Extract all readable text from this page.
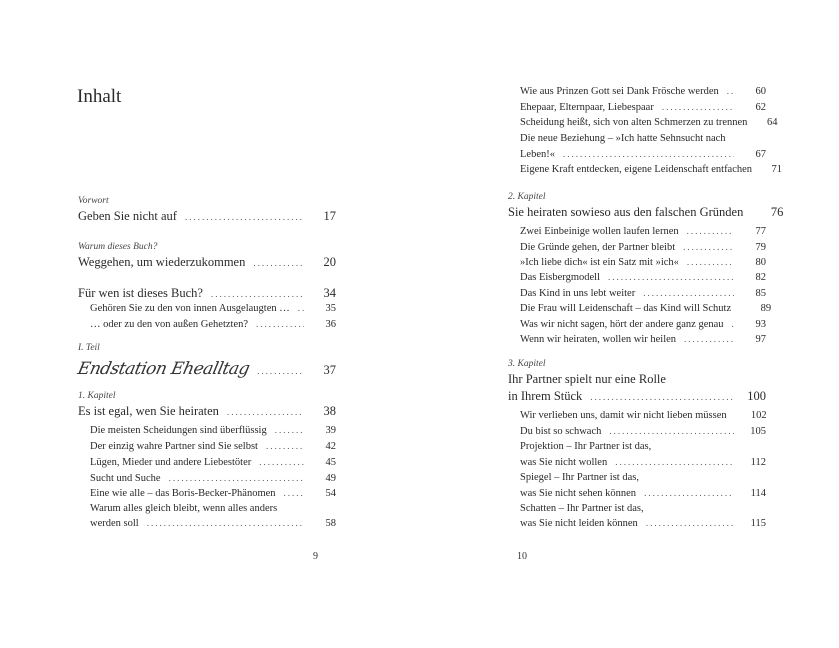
Inhalt
Vorwort
Geben Sie nicht auf .....	17
Warum dieses Buch?
Weggehen, um wiederzukommen .....	20
Für wen ist dieses Buch? .....	34
Gehören Sie zu den von innen Ausgelaugten … .....	35
… oder zu den von außen Gehetzten? .....	36
I. Teil
Endstation Ehealltag .....	37
1. Kapitel
Es ist egal, wen Sie heiraten .....	38
Die meisten Scheidungen sind überflüssig .....	39
Der einzig wahre Partner sind Sie selbst .....	42
Lügen, Mieder und andere Liebestöter .....	45
Sucht und Suche .....	49
Eine wie alle – das Boris-Becker-Phänomen .....	54
Warum alles gleich bleibt, wenn alles anders
werden soll .....	58
9
Wie aus Prinzen Gott sei Dank Frösche werden .....	60
Ehepaar, Elternpaar, Liebespaar .....	62
Scheidung heißt, sich von alten Schmerzen zu trennen	64
Die neue Beziehung – »Ich hatte Sehnsucht nach
Leben!« .....	67
Eigene Kraft entdecken, eigene Leidenschaft entfachen	71
2. Kapitel
Sie heiraten sowieso aus den falschen Gründen	76
Zwei Einbeinige wollen laufen lernen .....	77
Die Gründe gehen, der Partner bleibt .....	79
»Ich liebe dich« ist ein Satz mit »ich« .....	80
Das Eisbergmodell .....	82
Das Kind in uns lebt weiter .....	85
Die Frau will Leidenschaft – das Kind will Schutz	89
Was wir nicht sagen, hört der andere ganz genau .....	93
Wenn wir heiraten, wollen wir heilen .....	97
3. Kapitel
Ihr Partner spielt nur eine Rolle
in Ihrem Stück .....	100
Wir verlieben uns, damit wir nicht lieben müssen	102
Du bist so schwach .....	105
Projektion – Ihr Partner ist das,
was Sie nicht wollen .....	112
Spiegel – Ihr Partner ist das,
was Sie nicht sehen können .....	114
Schatten – Ihr Partner ist das,
was Sie nicht leiden können .....	115
10
